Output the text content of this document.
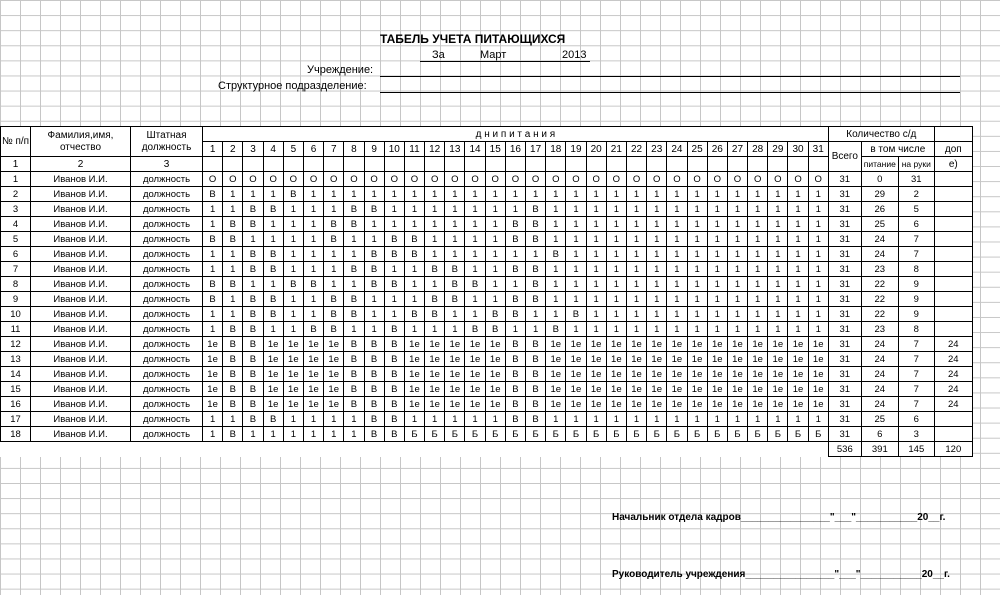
ТАБЕЛЬ УЧЕТА ПИТАЮЩИХСЯ
За	Март	2013
Учреждение:
Структурное подразделение:
№ п/п	Фамилия,имя, отчество	Штатная должность	д н и п и т а н и я																															Количество с/д			
			1	2	3	4	5	6	7	8	9	10	11	12	13	14	15	16	17	18	19	20	21	22	23	24	25	26	27	28	29	30	31	Всего	в том числе		доп
1	2	3																																	питание	на руки	е)
1	Иванов И.И.	должность	О	О	О	О	О	О	О	О	О	О	О	О	О	О	О	О	О	О	О	О	О	О	О	О	О	О	О	О	О	О	О	31	0	31	
2	Иванов И.И.	должность	В	1	1	1	В	1	1	1	1	1	1	1	1	1	1	1	1	1	1	1	1	1	1	1	1	1	1	1	1	1	1	31	29	2	
3	Иванов И.И.	должность	1	1	В	В	1	1	1	В	В	1	1	1	1	1	1	1	В	1	1	1	1	1	1	1	1	1	1	1	1	1	1	31	26	5	
4	Иванов И.И.	должность	1	В	В	1	1	1	В	В	1	1	1	1	1	1	1	В	В	1	1	1	1	1	1	1	1	1	1	1	1	1	1	31	25	6	
5	Иванов И.И.	должность	В	В	1	1	1	1	В	1	1	В	В	1	1	1	1	В	В	1	1	1	1	1	1	1	1	1	1	1	1	1	1	31	24	7	
6	Иванов И.И.	должность	1	1	В	В	1	1	1	1	В	В	В	1	1	1	1	1	1	В	1	1	1	1	1	1	1	1	1	1	1	1	1	31	24	7	
7	Иванов И.И.	должность	1	1	В	В	1	1	1	В	В	1	1	В	В	1	1	В	В	1	1	1	1	1	1	1	1	1	1	1	1	1	1	31	23	8	
8	Иванов И.И.	должность	В	В	1	1	В	В	1	1	В	В	1	1	В	В	1	1	В	1	1	1	1	1	1	1	1	1	1	1	1	1	1	31	22	9	
9	Иванов И.И.	должность	В	1	В	В	1	1	В	В	1	1	1	В	В	1	1	В	В	1	1	1	1	1	1	1	1	1	1	1	1	1	1	31	22	9	
10	Иванов И.И.	должность	1	1	В	В	1	1	В	В	1	1	В	В	1	1	В	В	1	1	В	1	1	1	1	1	1	1	1	1	1	1	1	31	22	9	
11	Иванов И.И.	должность	1	В	В	1	1	В	В	1	1	В	1	1	1	В	В	1	1	В	1	1	1	1	1	1	1	1	1	1	1	1	1	31	23	8	
12	Иванов И.И.	должность	1е	В	В	1е	1е	1е	1е	В	В	В	1е	1е	1е	1е	1е	В	В	1е	1е	1е	1е	1е	1е	1е	1е	1е	1е	1е	1е	1е	1е	31	24	7	24
13	Иванов И.И.	должность	1е	В	В	1е	1е	1е	1е	В	В	В	1е	1е	1е	1е	1е	В	В	1е	1е	1е	1е	1е	1е	1е	1е	1е	1е	1е	1е	1е	1е	31	24	7	24
14	Иванов И.И.	должность	1е	В	В	1е	1е	1е	1е	В	В	В	1е	1е	1е	1е	1е	В	В	1е	1е	1е	1е	1е	1е	1е	1е	1е	1е	1е	1е	1е	1е	31	24	7	24
15	Иванов И.И.	должность	1е	В	В	1е	1е	1е	1е	В	В	В	1е	1е	1е	1е	1е	В	В	1е	1е	1е	1е	1е	1е	1е	1е	1е	1е	1е	1е	1е	1е	31	24	7	24
16	Иванов И.И.	должность	1е	В	В	1е	1е	1е	1е	В	В	В	1е	1е	1е	1е	1е	В	В	1е	1е	1е	1е	1е	1е	1е	1е	1е	1е	1е	1е	1е	1е	31	24	7	24
17	Иванов И.И.	должность	1	1	В	В	1	1	1	1	В	В	1	1	1	1	1	В	В	1	1	1	1	1	1	1	1	1	1	1	1	1	1	31	25	6	
18	Иванов И.И.	должность	1	В	1	1	1	1	1	1	В	В	Б	Б	Б	Б	Б	Б	Б	Б	Б	Б	Б	Б	Б	Б	Б	Б	Б	Б	Б	Б	Б	31	6	3	
																																		536	391	145	120
Начальник отдела кадров________________"___"___________20__г.
Руководитель учреждения________________"___"___________20__г.
